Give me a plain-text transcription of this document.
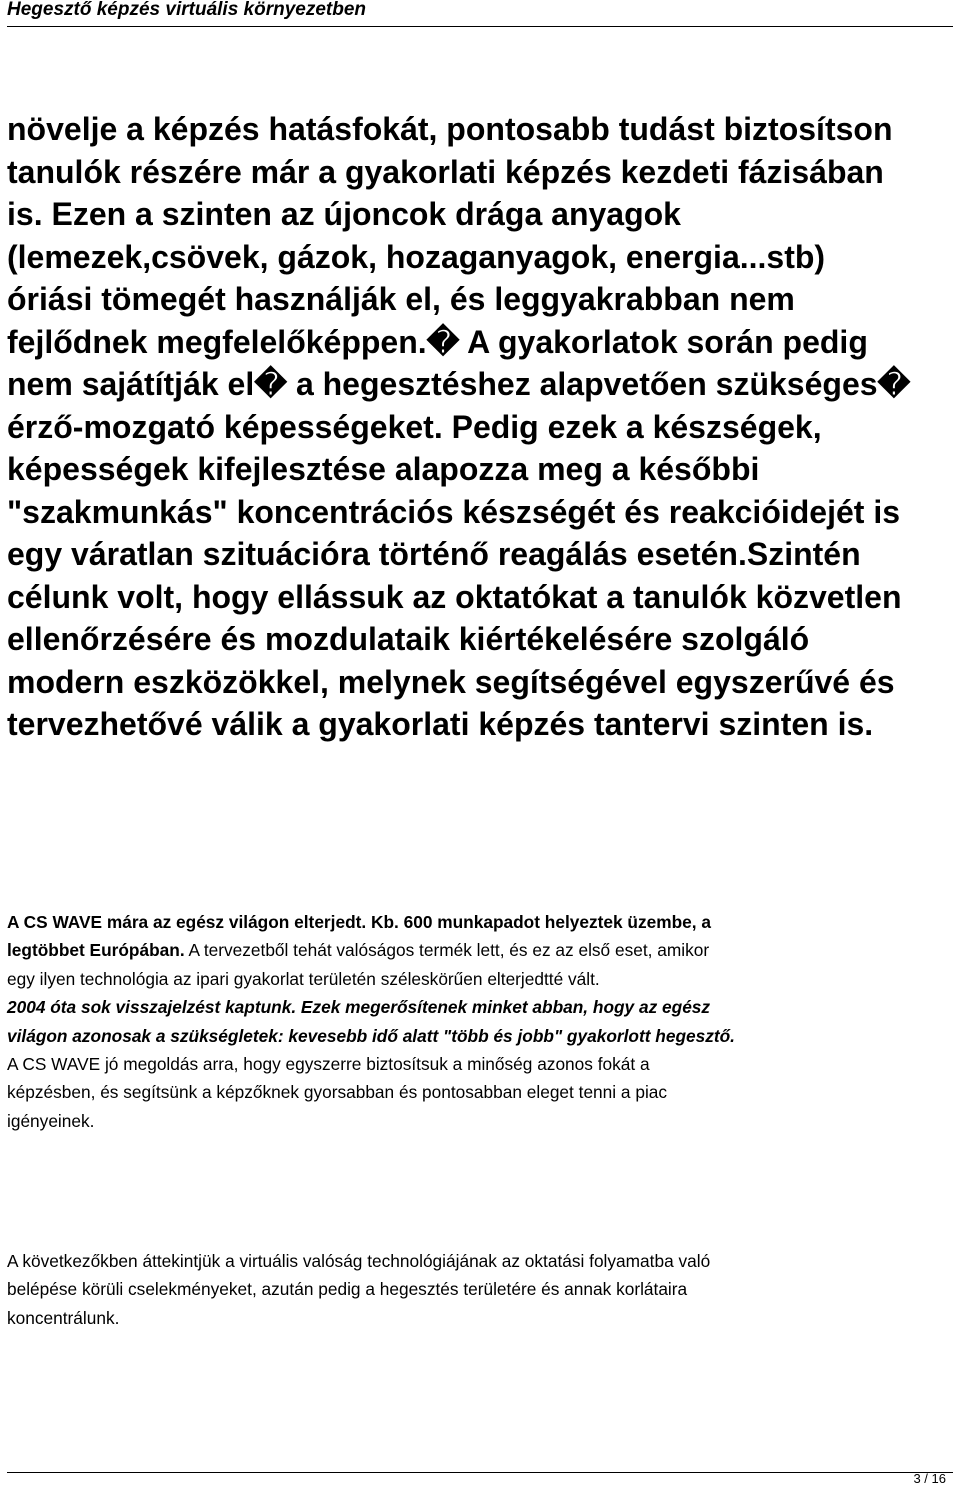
Hegesztő képzés virtuális környezetben
növelje a képzés hatásfokát, pontosabb tudást biztosítson
tanulók részére már a gyakorlati képzés kezdeti fázisában
is. Ezen a szinten az újoncok drága anyagok
(lemezek,csövek, gázok, hozaganyagok, energia...stb)
óriási tömegét használják el, és leggyakrabban nem
fejlődnek megfelelőképpen.� A gyakorlatok során pedig
nem sajátítják el� a hegesztéshez alapvetően szükséges�
érző-mozgató képességeket. Pedig ezek a készségek,
képességek kifejlesztése alapozza meg a későbbi
"szakmunkás" koncentrációs készségét és reakcióidejét is
egy váratlan szituációra történő reagálás esetén.Szintén
célunk volt, hogy ellássuk az oktatókat a tanulók közvetlen
ellenőrzésére és mozdulataik kiértékelésére szolgáló
modern eszközökkel, melynek segítségével egyszerűvé és
tervezhetővé válik a gyakorlati képzés tantervi szinten is.
A CS WAVE mára az egész világon elterjedt. Kb. 600 munkapadot helyeztek üzembe, a
legtöbbet Európában. A tervezetből tehát valóságos termék lett, és ez az első eset, amikor
egy ilyen technológia az ipari gyakorlat területén széleskörűen elterjedtté vált.
2004 óta sok visszajelzést kaptunk. Ezek megerősítenek minket abban, hogy az egész
világon azonosak a szükségletek: kevesebb idő alatt "több és jobb" gyakorlott hegesztő.
A CS WAVE jó megoldás arra, hogy egyszerre biztosítsuk a minőség azonos fokát a
képzésben, és segítsünk a képzőknek gyorsabban és pontosabban eleget tenni a piac
igényeinek.
A következőkben áttekintjük a virtuális valóság technológiájának az oktatási folyamatba való
belépése körüli cselekményeket, azután pedig a hegesztés területére és annak korlátaira
koncentrálunk.
3 / 16
